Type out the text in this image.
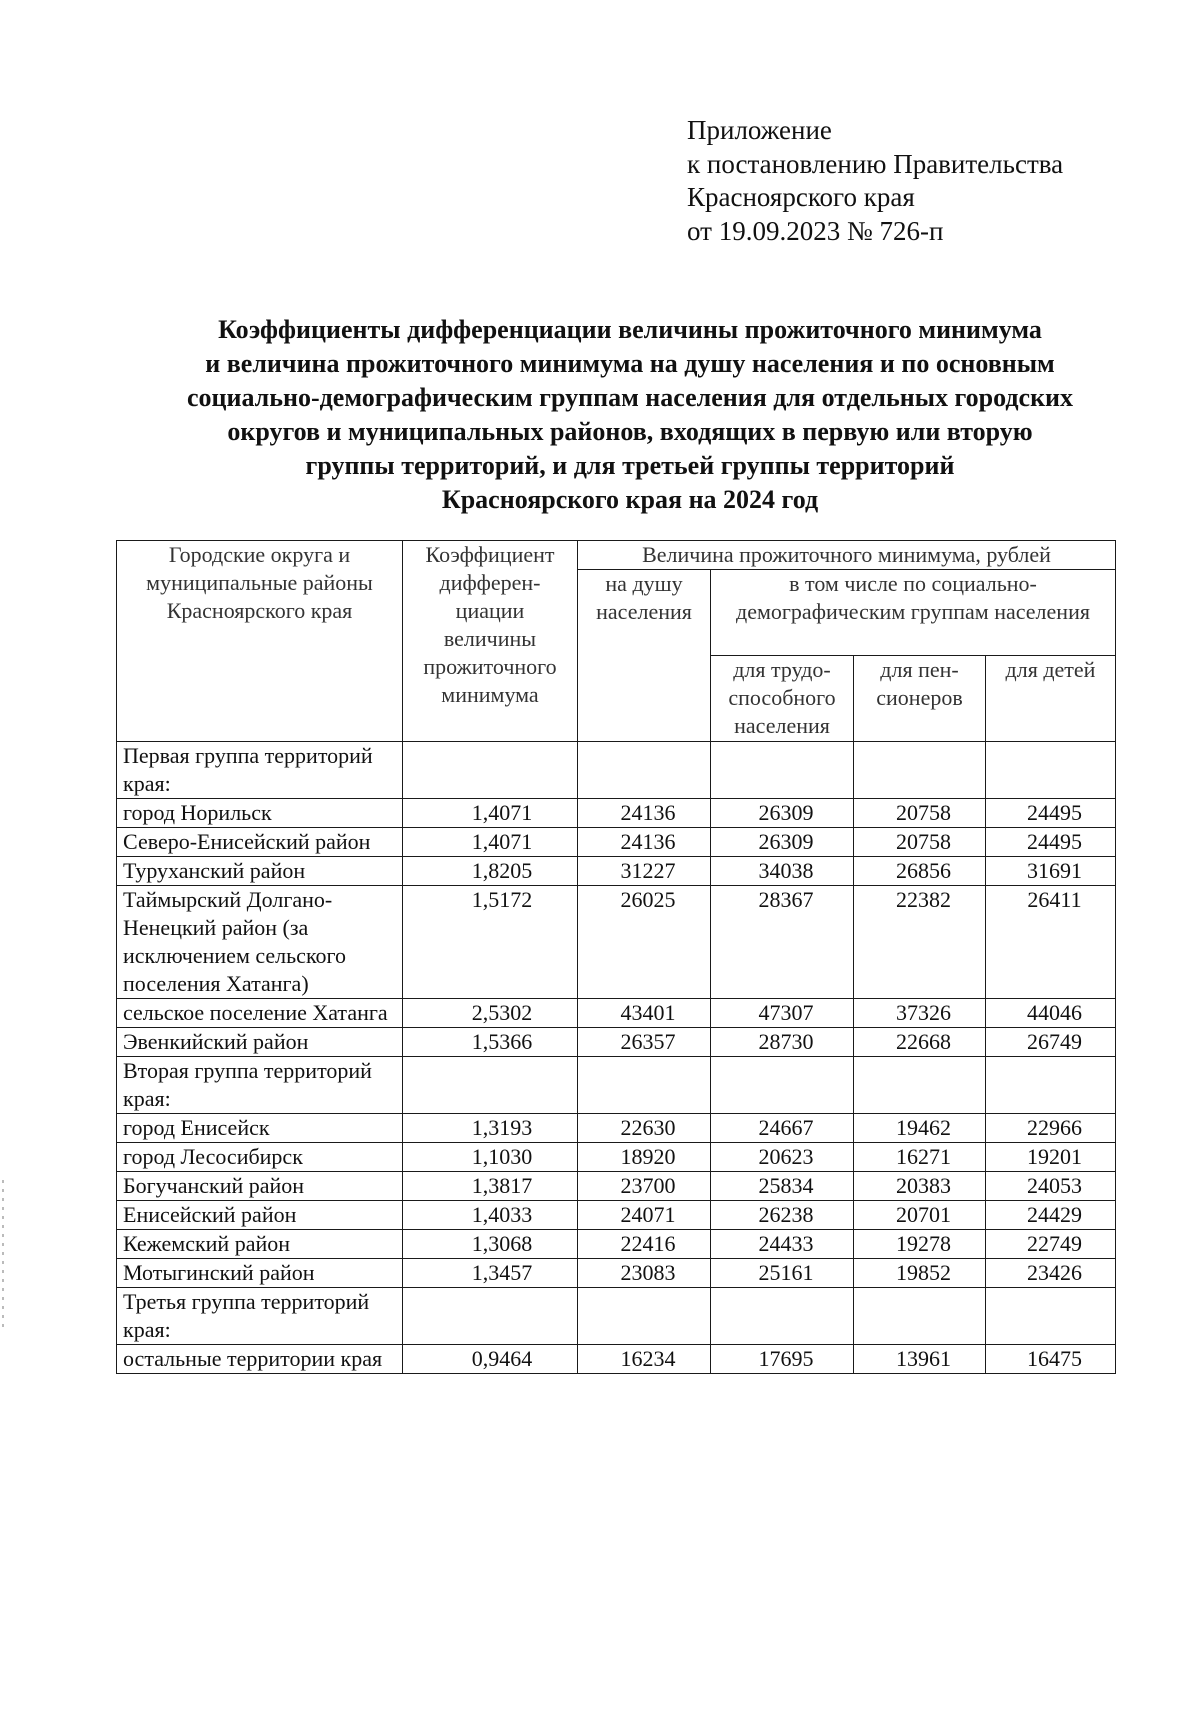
Приложение
к постановлению Правительства
Красноярского края
от 19.09.2023 № 726-п
Коэффициенты дифференциации величины прожиточного минимума
и величина прожиточного минимума на душу населения и по основным
социально-демографическим группам населения для отдельных городских
округов и муниципальных районов, входящих в первую или вторую
группы территорий, и для третьей группы территорий
Красноярского края на 2024 год
Городские округа и муниципальные районы Красноярского края	Коэффициент дифферен-циации величины прожиточного минимума	Величина прожиточного минимума, рублей			
		на душу населения	в том числе по социально-демографическим группам населения		
			для трудо-способного населения	для пен-сионеров	для детей
Первая группа территорий края:					
город Норильск	1,4071	24136	26309	20758	24495
Северо-Енисейский район	1,4071	24136	26309	20758	24495
Туруханский район	1,8205	31227	34038	26856	31691
Таймырский Долгано-Ненецкий район (за исключением сельского поселения Хатанга)	1,5172	26025	28367	22382	26411
сельское поселение Хатанга	2,5302	43401	47307	37326	44046
Эвенкийский район	1,5366	26357	28730	22668	26749
Вторая группа территорий края:					
город Енисейск	1,3193	22630	24667	19462	22966
город Лесосибирск	1,1030	18920	20623	16271	19201
Богучанский район	1,3817	23700	25834	20383	24053
Енисейский район	1,4033	24071	26238	20701	24429
Кежемский район	1,3068	22416	24433	19278	22749
Мотыгинский район	1,3457	23083	25161	19852	23426
Третья группа территорий края:					
остальные территории края	0,9464	16234	17695	13961	16475
